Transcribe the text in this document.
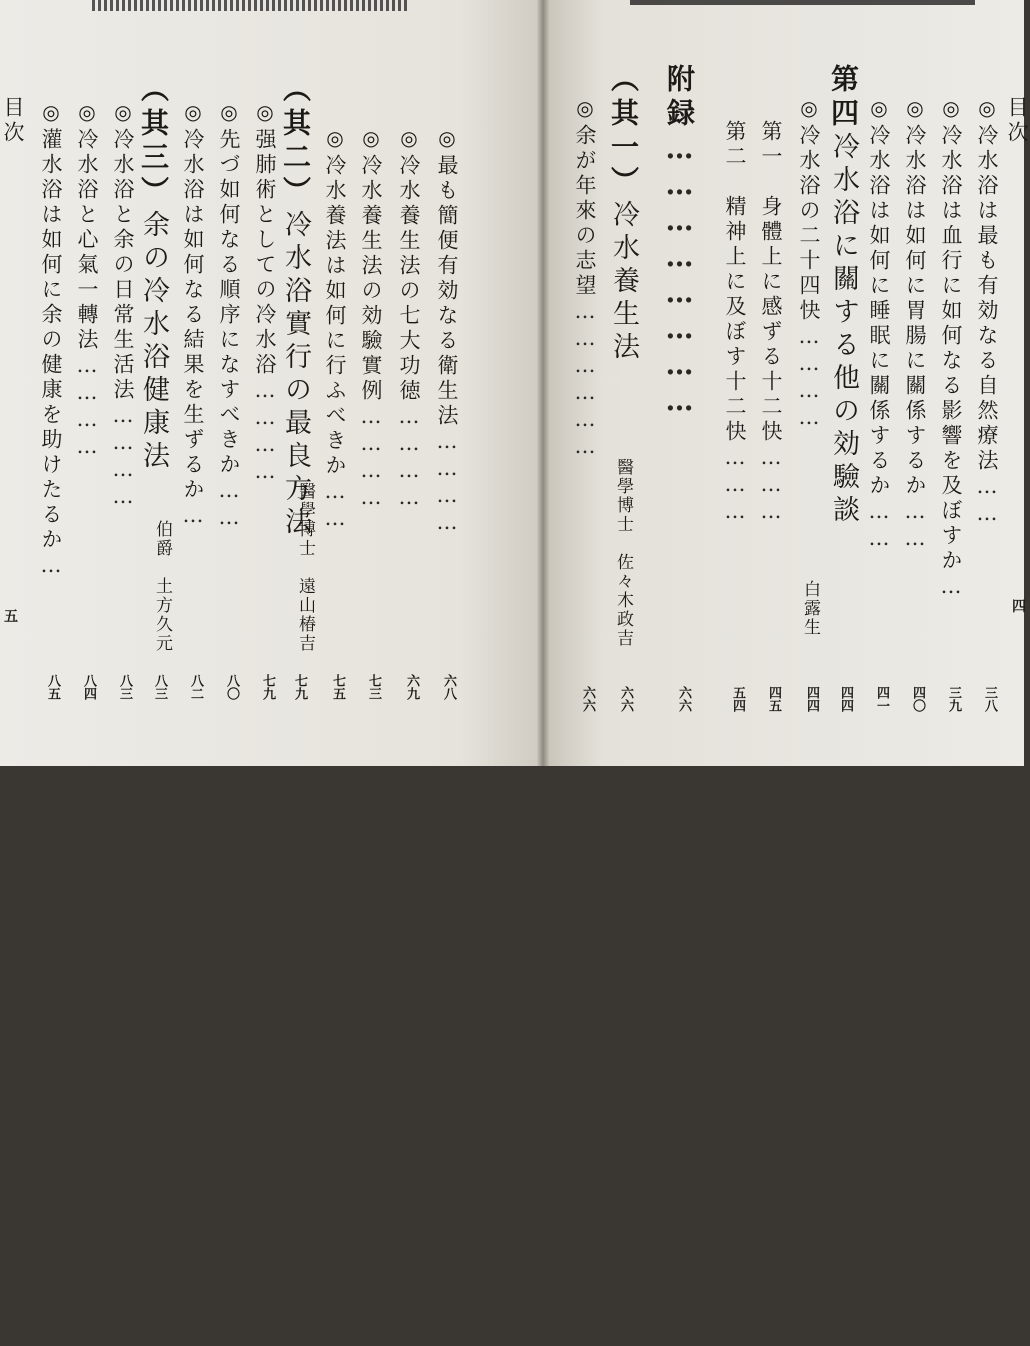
目次
五
◎最も簡便有効なる衛生法…………
六八
◎冷水養生法の七大功徳…………
六九
◎冷水養生法の効驗實例…………
七三
◎冷水養法は如何に行ふべきか……
七五
（其二）冷水浴實行の最良方法
醫學博士　遠山椿吉
七九
◎强肺術としての冷水浴…………
七九
◎先づ如何なる順序になすべきか……
八〇
◎冷水浴は如何なる結果を生ずるか…
八二
（其三）余の冷水浴健康法
伯爵　土方久元
八三
◎冷水浴と余の日常生活法…………
八三
◎冷水浴と心氣一轉法…………
八四
◎灌水浴は如何に余の健康を助けたるか…
八五
目次
四
◎冷水浴は最も有効なる自然療法……
三八
◎冷水浴は血行に如何なる影響を及ぼすか…
三九
◎冷水浴は如何に胃腸に關係するか……
四〇
◎冷水浴は如何に睡眠に關係するか……
四一
第四冷水浴に關する他の効驗談
白露生
四四
◎冷水浴の二十四快…………
四四
第一　身體上に感ずる十二快………
四五
第二　精神上に及ぼす十二快………
五四
附録……………………
六六
（其一）冷水養生法
醫學博士　佐々木政吉
六六
◎余が年來の志望………………
六六
